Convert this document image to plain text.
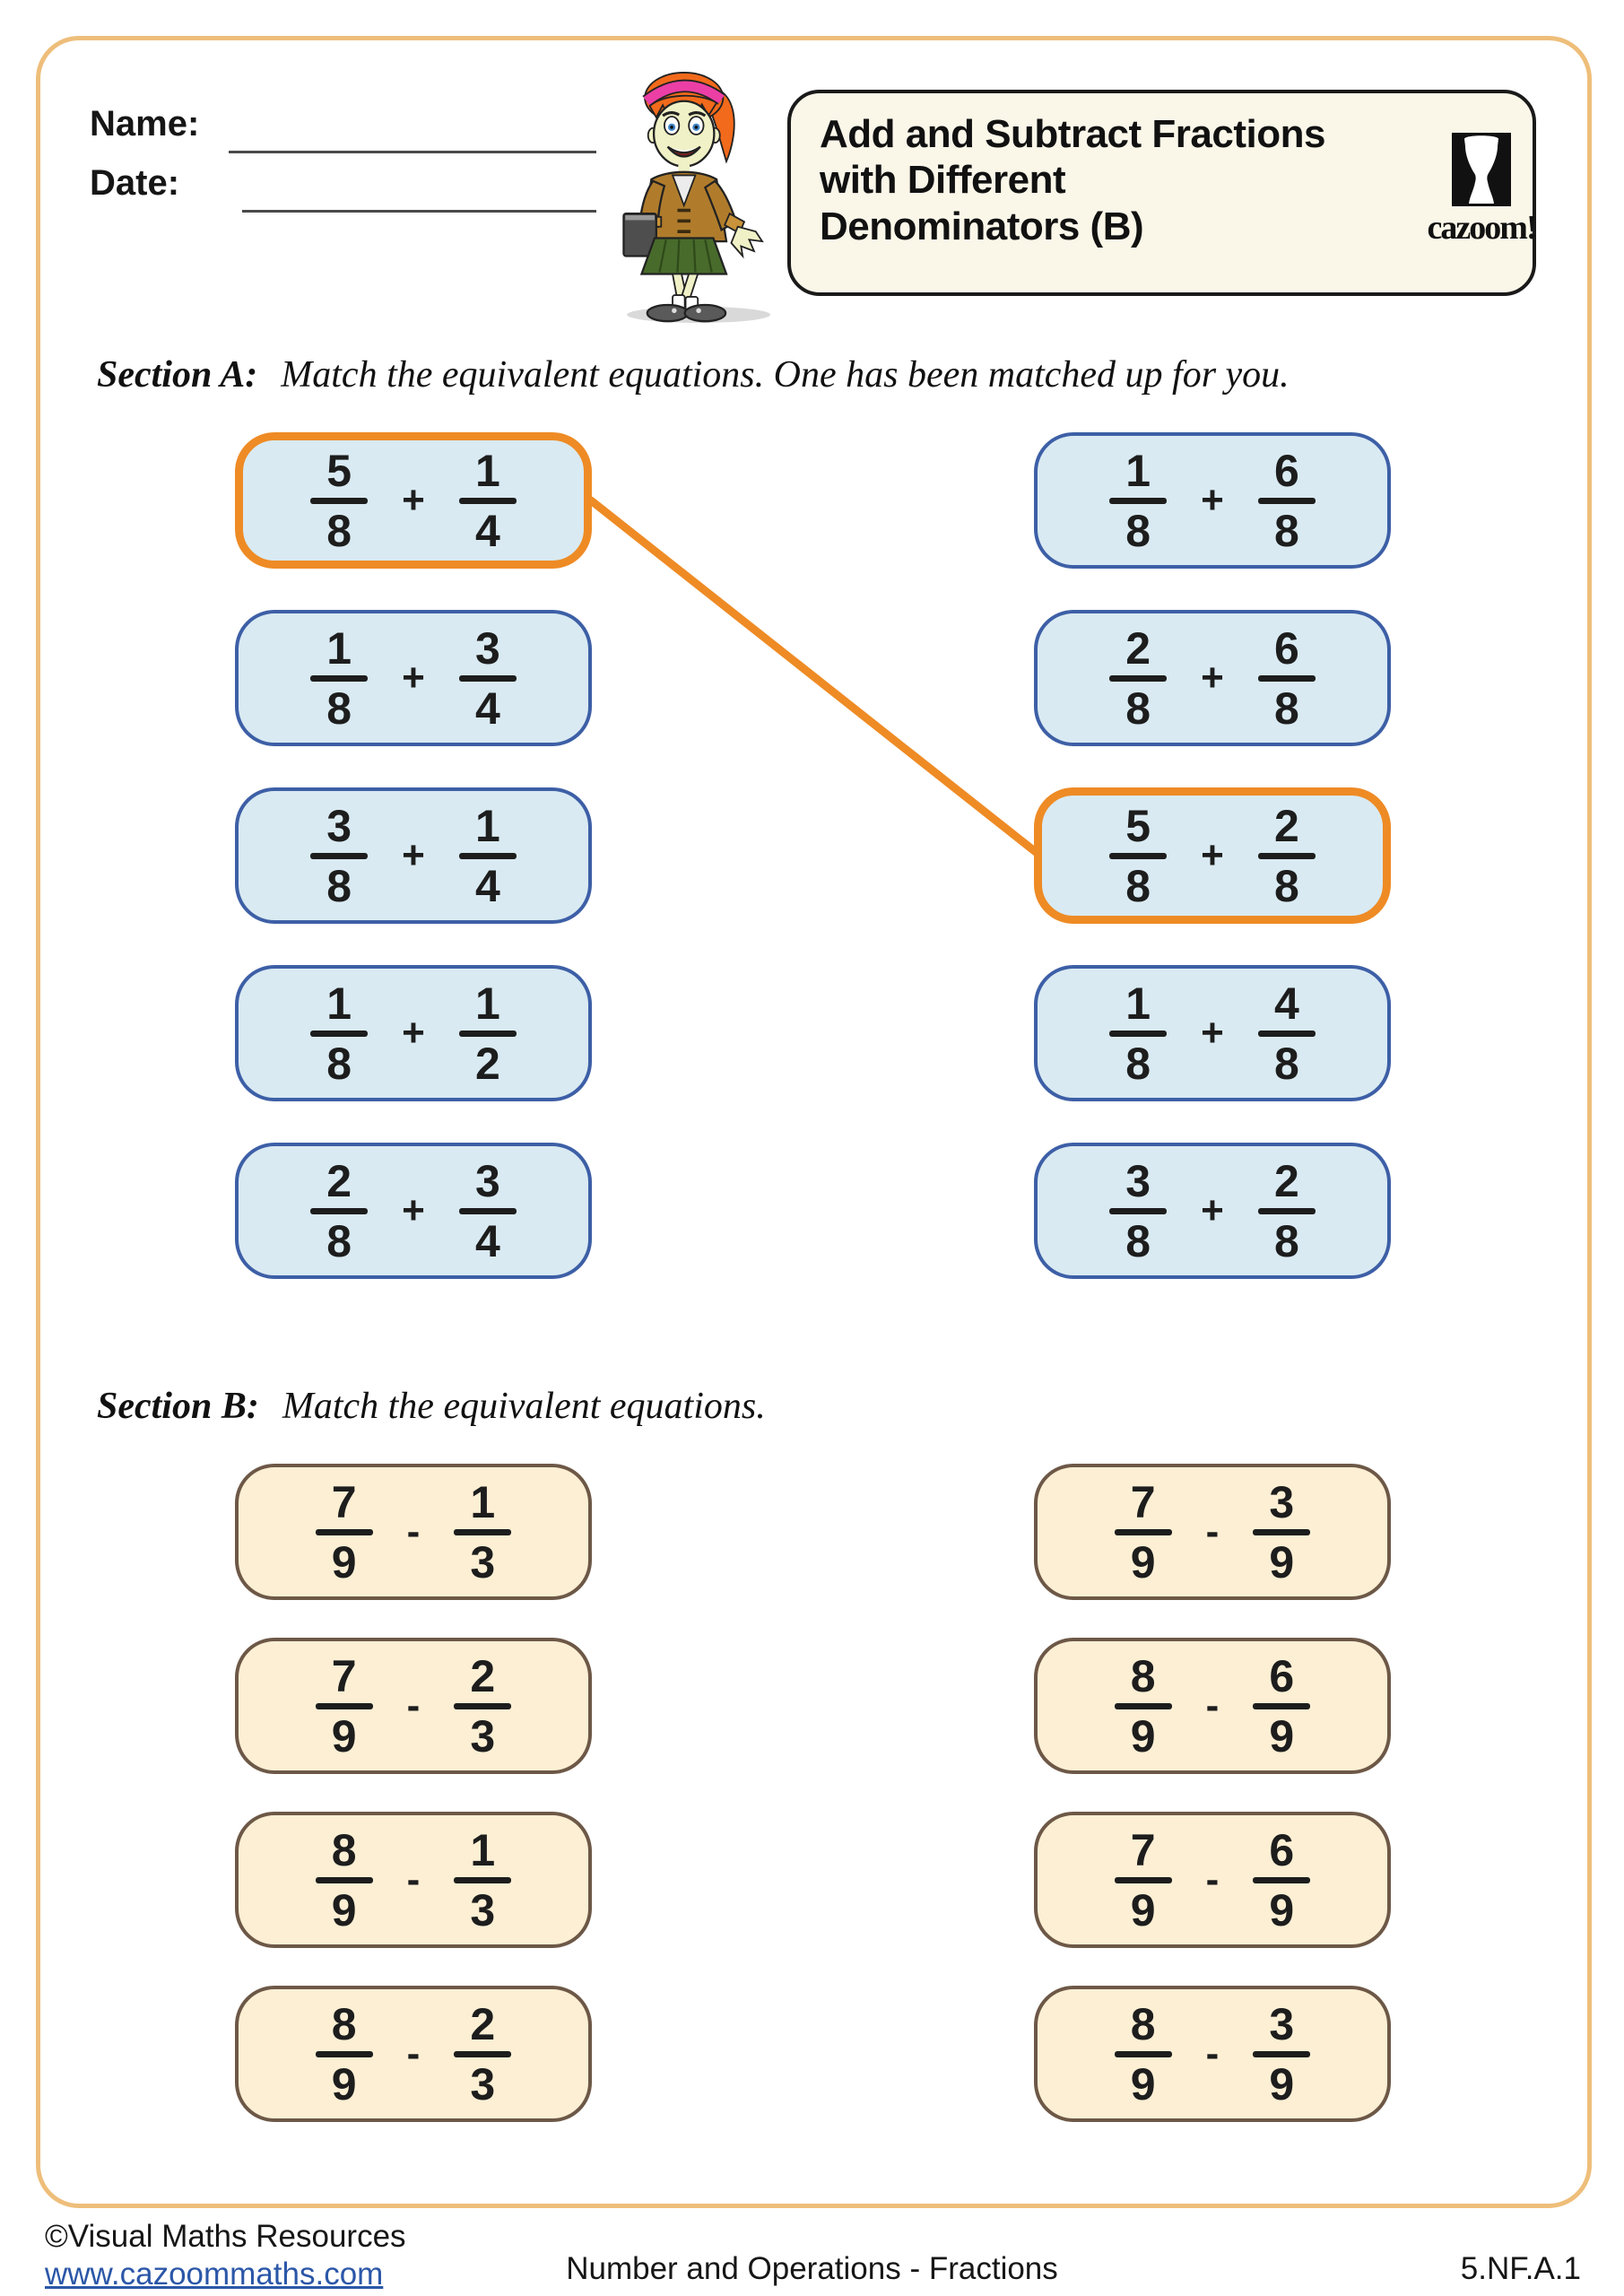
Name:
Date:
Add and Subtract Fractions with Different Denominators (B)	cazoom!
Section A: Match the equivalent equations. One has been matched up for you.
5
8
+
1
4
1
8
+
3
4
3
8
+
1
4
1
8
+
1
2
2
8
+
3
4
1
8
+
6
8
2
8
+
6
8
5
8
+
2
8
1
8
+
4
8
3
8
+
2
8
Section B: Match the equivalent equations.
7
9
-
1
3
7
9
-
2
3
8
9
-
1
3
8
9
-
2
3
7
9
-
3
9
8
9
-
6
9
7
9
-
6
9
8
9
-
3
9
©Visual Maths Resources
www.cazoommaths.com	Number and Operations - Fractions	5.NF.A.1
